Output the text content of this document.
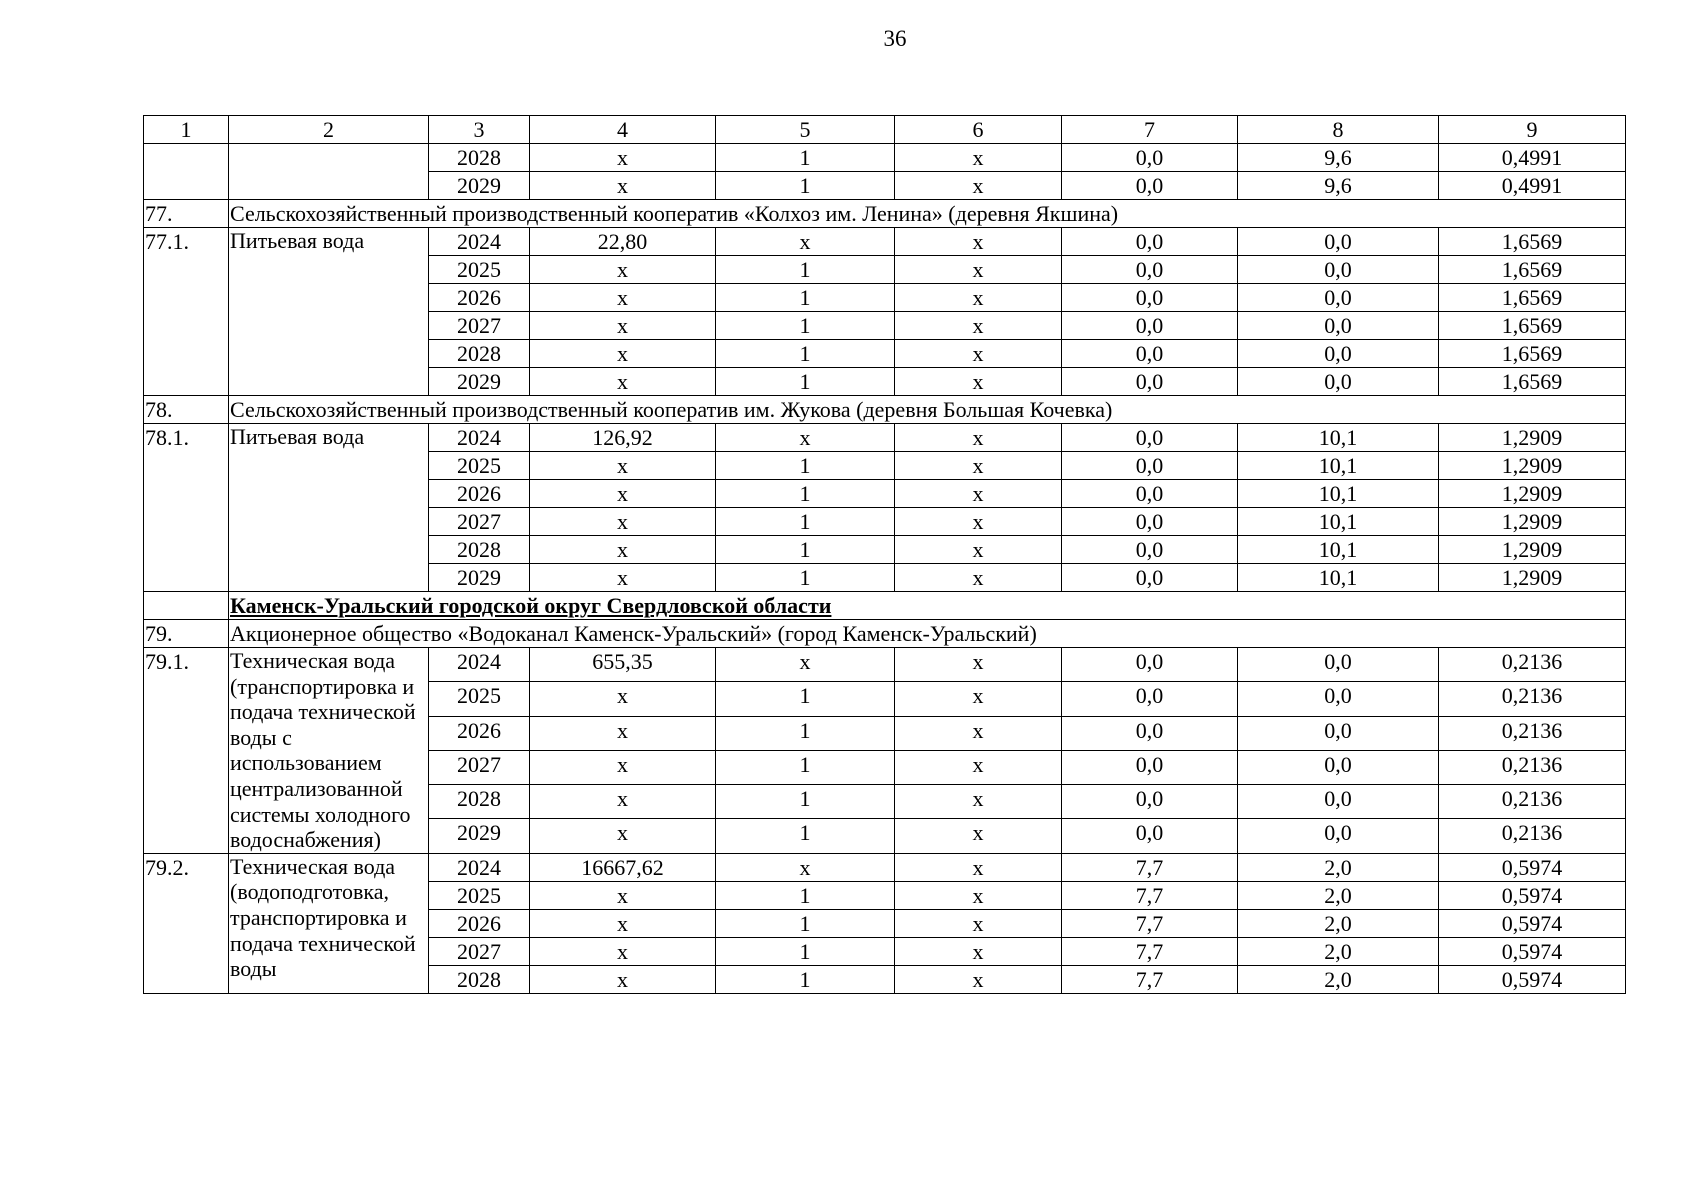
36
1	2	3	4	5	6	7	8	9
		2028	x	1	x	0,0	9,6	0,4991
		2029	x	1	x	0,0	9,6	0,4991
77.	Сельскохозяйственный производственный кооператив «Колхоз им. Ленина» (деревня Якшина)							
77.1.	Питьевая вода	2024	22,80	x	x	0,0	0,0	1,6569
		2025	x	1	x	0,0	0,0	1,6569
		2026	x	1	x	0,0	0,0	1,6569
		2027	x	1	x	0,0	0,0	1,6569
		2028	x	1	x	0,0	0,0	1,6569
		2029	x	1	x	0,0	0,0	1,6569
78.	Сельскохозяйственный производственный кооператив им. Жукова (деревня Большая Кочевка)							
78.1.	Питьевая вода	2024	126,92	x	x	0,0	10,1	1,2909
		2025	x	1	x	0,0	10,1	1,2909
		2026	x	1	x	0,0	10,1	1,2909
		2027	x	1	x	0,0	10,1	1,2909
		2028	x	1	x	0,0	10,1	1,2909
		2029	x	1	x	0,0	10,1	1,2909
	Каменск-Уральский городской округ Свердловской области							
79.	Акционерное общество «Водоканал Каменск-Уральский» (город Каменск-Уральский)							
79.1.	Техническая вода (транспортировка и подача технической воды с использованием централизованной системы холодного водоснабжения)	2024	655,35	x	x	0,0	0,0	0,2136
		2025	x	1	x	0,0	0,0	0,2136
		2026	x	1	x	0,0	0,0	0,2136
		2027	x	1	x	0,0	0,0	0,2136
		2028	x	1	x	0,0	0,0	0,2136
		2029	x	1	x	0,0	0,0	0,2136
79.2.	Техническая вода (водоподготовка, транспортировка и подача технической воды	2024	16667,62	x	x	7,7	2,0	0,5974
		2025	x	1	x	7,7	2,0	0,5974
		2026	x	1	x	7,7	2,0	0,5974
		2027	x	1	x	7,7	2,0	0,5974
		2028	x	1	x	7,7	2,0	0,5974
